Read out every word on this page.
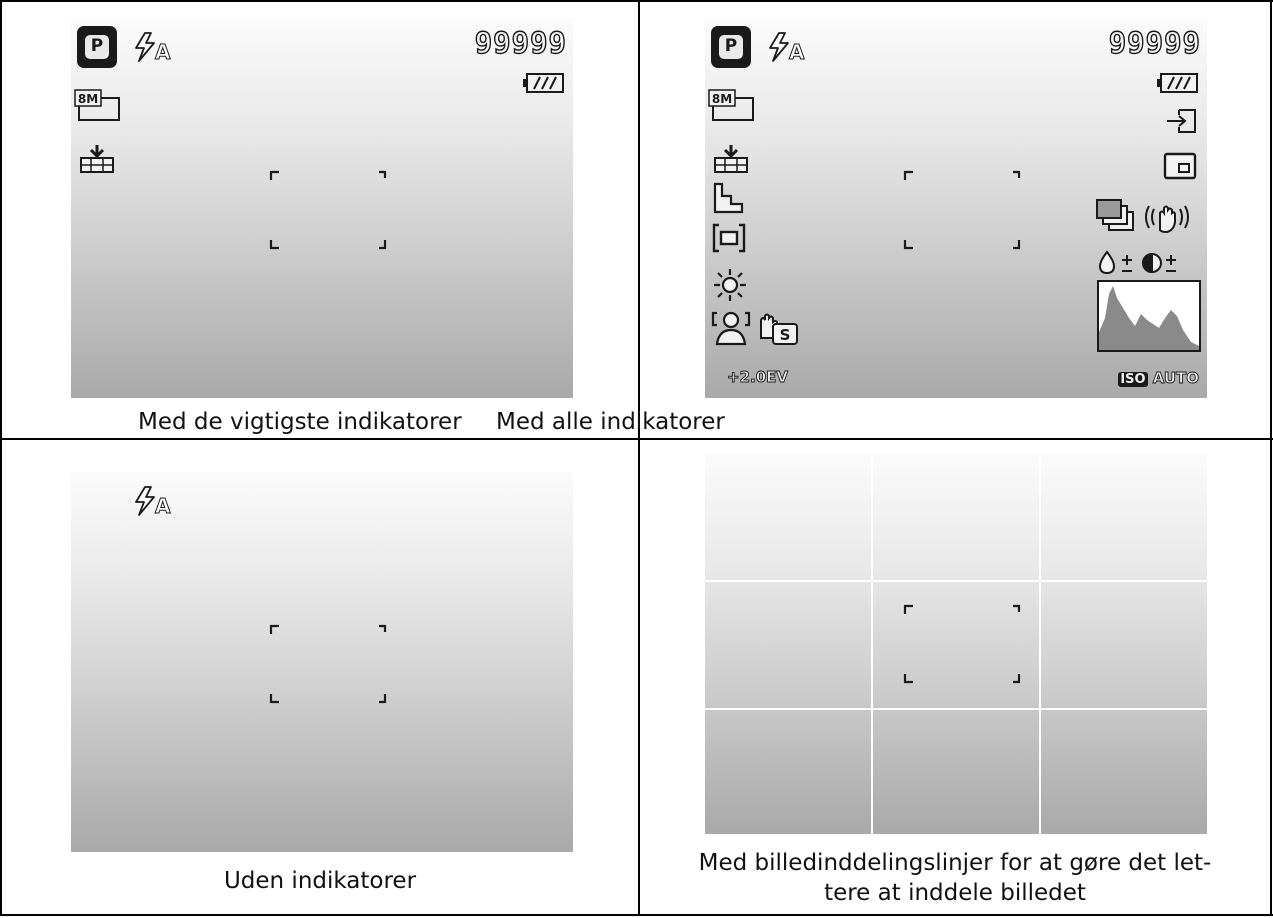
P	A	99999
8M
P	A	99999
8M
S
+2.0EV	ISO AUTO
Med de vigtigste indikatorer Med alle indikatorer
A
Uden indikatorer
Med billedinddelingslinjer for at gøre det let-
tere at inddele billedet
